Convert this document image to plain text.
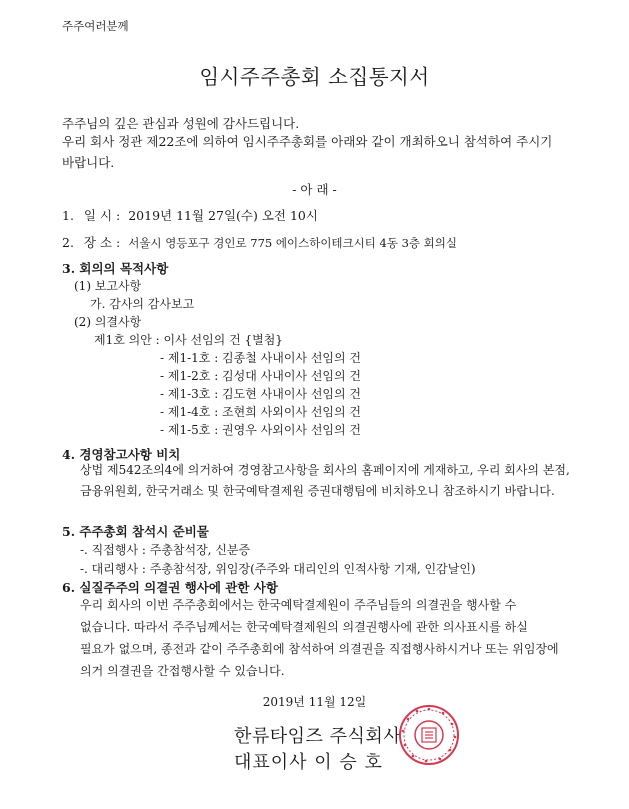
주주여러분께
임시주주총회 소집통지서
주주님의 깊은 관심과 성원에 감사드립니다.
우리 회사 정관 제22조에 의하여 임시주주총회를 아래와 같이 개최하오니 참석하여 주시기 바랍니다.
- 아 래 -
1. 일 시 : 2019년 11월 27일(수) 오전 10시
2. 장 소 : 서울시 영등포구 경인로 775 에이스하이테크시티 4동 3층 회의실
3. 회의의 목적사항
(1) 보고사항
가. 감사의 감사보고
(2) 의결사항
제1호 의안 : 이사 선임의 건 {별첨}
- 제1-1호 : 김종철 사내이사 선임의 건
- 제1-2호 : 김성대 사내이사 선임의 건
- 제1-3호 : 김도현 사내이사 선임의 건
- 제1-4호 : 조현희 사외이사 선임의 건
- 제1-5호 : 권영우 사외이사 선임의 건
4. 경영참고사항 비치
상법 제542조의4에 의거하여 경영참고사항을 회사의 홈페이지에 게재하고, 우리 회사의 본점, 금융위원회, 한국거래소 및 한국예탁결제원 증권대행팀에 비치하오니 참조하시기 바랍니다.
5. 주주총회 참석시 준비물
-. 직접행사 : 주총참석장, 신분증
-. 대리행사 : 주총참석장, 위임장(주주와 대리인의 인적사항 기재, 인감날인)
6. 실질주주의 의결권 행사에 관한 사항
우리 회사의 이번 주주총회에서는 한국예탁결제원이 주주님들의 의결권을 행사할 수 없습니다. 따라서 주주님께서는 한국예탁결제원의 의결권행사에 관한 의사표시를 하실 필요가 없으며, 종전과 같이 주주총회에 참석하여 의결권을 직접행사하시거나 또는 위임장에 의거 의결권을 간접행사할 수 있습니다.
2019년 11월 12일
한류타임즈 주식회사
대표이사 이 승 호
